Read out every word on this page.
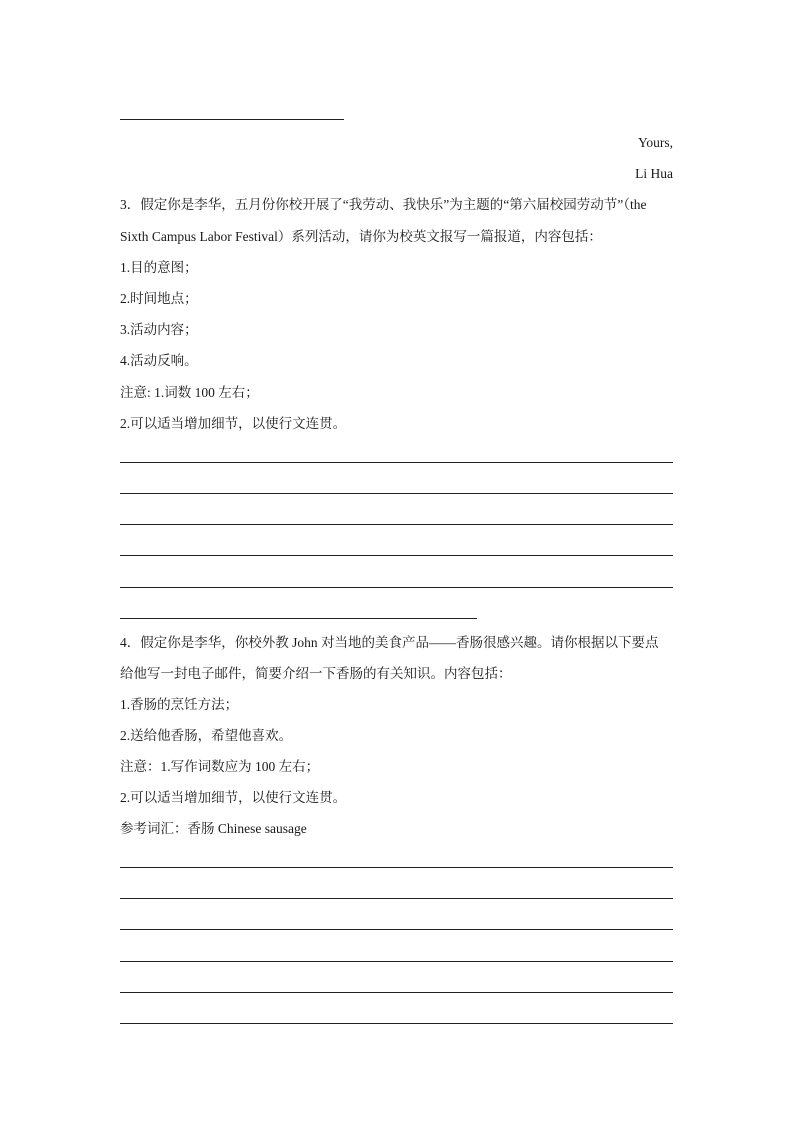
Yours,
Li Hua
3．假定你是李华，五月份你校开展了“我劳动、我快乐”为主题的“第六届校园劳动节”（the
Sixth Campus Labor Festival）系列活动，请你为校英文报写一篇报道，内容包括：
1.目的意图；
2.时间地点；
3.活动内容；
4.活动反响。
注意: 1.词数 100 左右；
2.可以适当增加细节，以使行文连贯。
4．假定你是李华，你校外教 John 对当地的美食产品——香肠很感兴趣。请你根据以下要点
给他写一封电子邮件，简要介绍一下香肠的有关知识。内容包括：
1.香肠的烹饪方法；
2.送给他香肠，希望他喜欢。
注意：1.写作词数应为 100 左右；
2.可以适当增加细节，以使行文连贯。
参考词汇：香肠 Chinese sausage
